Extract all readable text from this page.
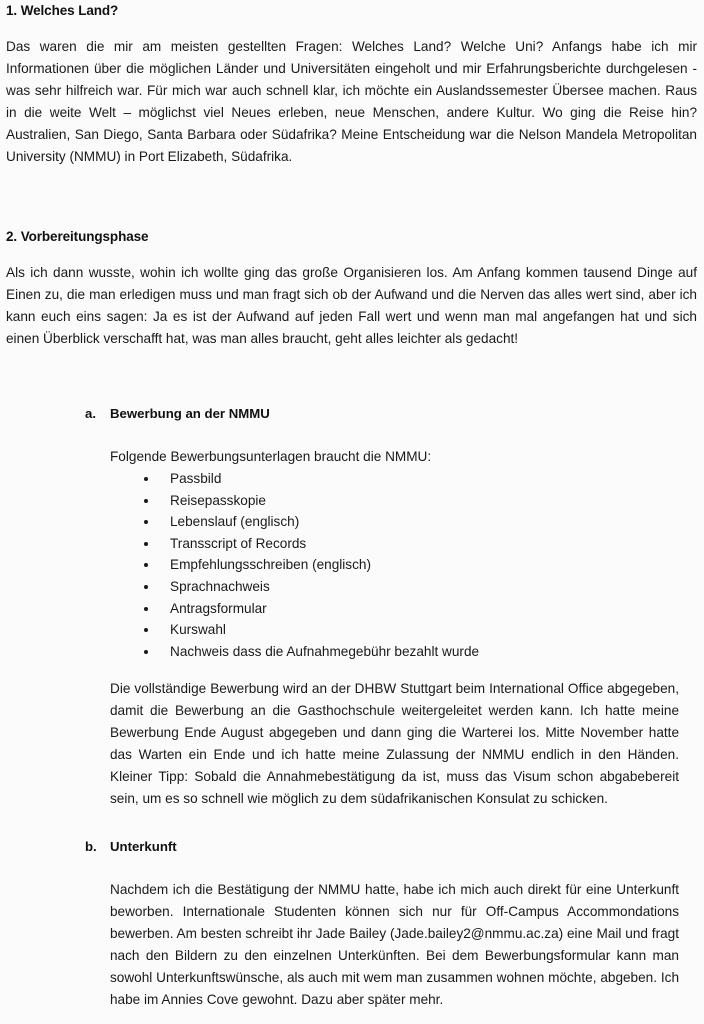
1. Welches Land?

Das waren die mir am meisten gestellten Fragen: Welches Land? Welche Uni? Anfangs habe ich mir Informationen über die möglichen Länder und Universitäten eingeholt und mir Erfahrungsberichte durchgelesen - was sehr hilfreich war. Für mich war auch schnell klar, ich möchte ein Auslandssemester Übersee machen. Raus in die weite Welt – möglichst viel Neues erleben, neue Menschen, andere Kultur. Wo ging die Reise hin? Australien, San Diego, Santa Barbara oder Südafrika? Meine Entscheidung war die Nelson Mandela Metropolitan University (NMMU) in Port Elizabeth, Südafrika.

2. Vorbereitungsphase

Als ich dann wusste, wohin ich wollte ging das große Organisieren los. Am Anfang kommen tausend Dinge auf Einen zu, die man erledigen muss und man fragt sich ob der Aufwand und die Nerven das alles wert sind, aber ich kann euch eins sagen: Ja es ist der Aufwand auf jeden Fall wert und wenn man mal angefangen hat und sich einen Überblick verschafft hat, was man alles braucht, geht alles leichter als gedacht!

a.	Bewerbung an der NMMU

Folgende Bewerbungsunterlagen braucht die NMMU:

Passbild
Reisepasskopie
Lebenslauf (englisch)
Transscript of Records
Empfehlungsschreiben (englisch)
Sprachnachweis
Antragsformular
Kurswahl
Nachweis dass die Aufnahmegebühr bezahlt wurde

Die vollständige Bewerbung wird an der DHBW Stuttgart beim International Office abgegeben, damit die Bewerbung an die Gasthochschule weitergeleitet werden kann. Ich hatte meine Bewerbung Ende August abgegeben und dann ging die Warterei los. Mitte November hatte das Warten ein Ende und ich hatte meine Zulassung der NMMU endlich in den Händen. Kleiner Tipp: Sobald die Annahmebestätigung da ist, muss das Visum schon abgabebereit sein, um es so schnell wie möglich zu dem südafrikanischen Konsulat zu schicken.

b.	Unterkunft

Nachdem ich die Bestätigung der NMMU hatte, habe ich mich auch direkt für eine Unterkunft beworben. Internationale Studenten können sich nur für Off-Campus Accommondations bewerben. Am besten schreibt ihr Jade Bailey (Jade.bailey2@nmmu.ac.za) eine Mail und fragt nach den Bildern zu den einzelnen Unterkünften. Bei dem Bewerbungsformular kann man sowohl Unterkunftswünsche, als auch mit wem man zusammen wohnen möchte, abgeben. Ich habe im Annies Cove gewohnt. Dazu aber später mehr.
